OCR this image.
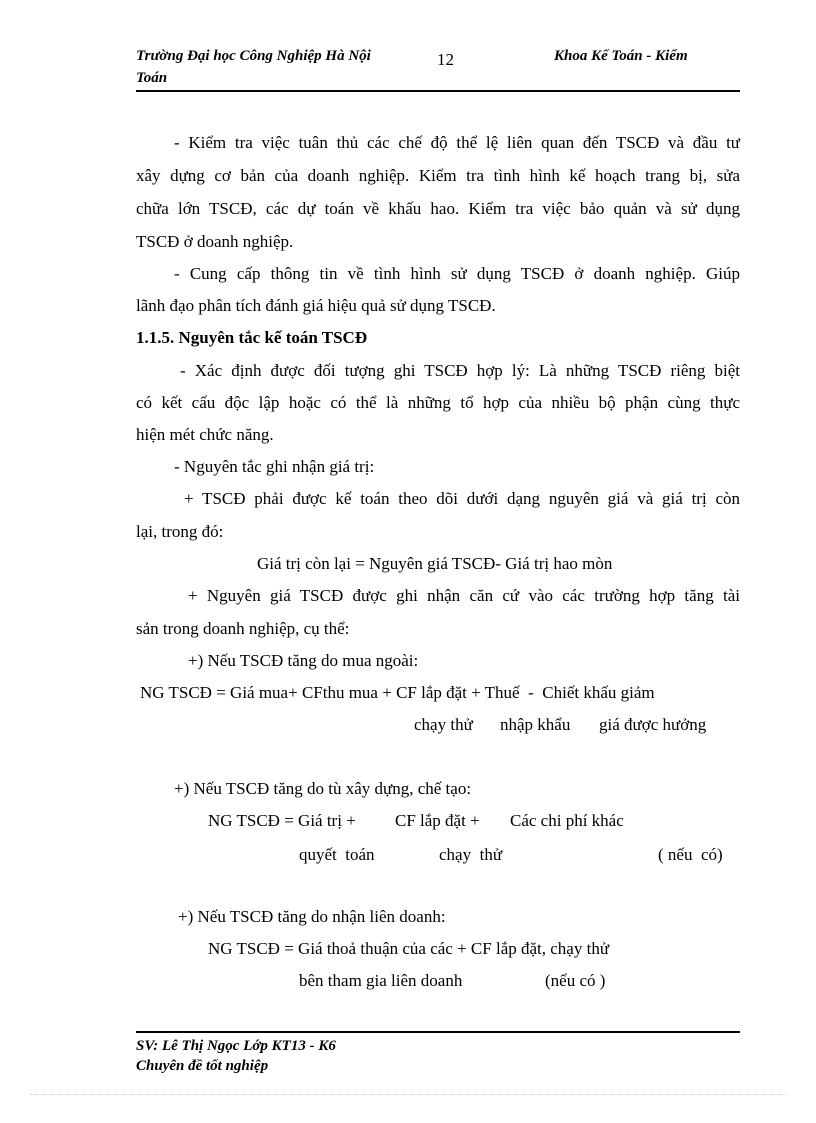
Trường Đại học Công Nghiệp Hà Nội	12	Khoa Kế Toán - Kiểm
Toán
- Kiểm tra việc tuân thủ các chế độ thể lệ liên quan đến TSCĐ và đầu tư
xây dựng cơ bản của doanh nghiệp. Kiểm tra tình hình kế hoạch trang bị, sửa
chữa lớn TSCĐ, các dự toán về khấu hao. Kiểm tra việc bảo quản và sử dụng
TSCĐ ở doanh nghiệp.
- Cung cấp thông tin về tình hình sử dụng TSCĐ ở doanh nghiệp. Giúp
lãnh đạo phân tích đánh giá hiệu quả sử dụng TSCĐ.
1.1.5. Nguyên tắc kế toán TSCĐ
- Xác định được đối tượng ghi TSCĐ hợp lý: Là những TSCĐ riêng biệt
có kết cấu độc lập hoặc có thể là những tổ hợp của nhiều bộ phận cùng thực
hiện mét chức năng.
- Nguyên tắc ghi nhận giá trị:
+ TSCĐ phải được kế toán theo dõi dưới dạng nguyên giá và giá trị còn
lại, trong đó:
Giá trị còn lại = Nguyên giá TSCĐ- Giá trị hao mòn
+ Nguyên giá TSCĐ được ghi nhận căn cứ vào các trường hợp tăng tài
sản trong doanh nghiệp, cụ thể:
+) Nếu TSCĐ tăng do mua ngoài:
NG TSCĐ = Giá mua+ CFthu mua + CF lắp đặt + Thuế  -  Chiết khấu giảm
chạy thử nhập khẩu giá được hưởng
+) Nếu TSCĐ tăng do tù xây dựng, chế tạo:
NG TSCĐ = Giá trị + CF lắp đặt + Các chi phí khác
quyết  toán	chạy  thử	( nếu  có)
+) Nếu TSCĐ tăng do nhận liên doanh:
NG TSCĐ = Giá thoả thuận của các + CF lắp đặt, chạy thử
bên tham gia liên doanh	(nếu có )
SV: Lê Thị Ngọc Lớp KT13 - K6
Chuyên đề tốt nghiệp
